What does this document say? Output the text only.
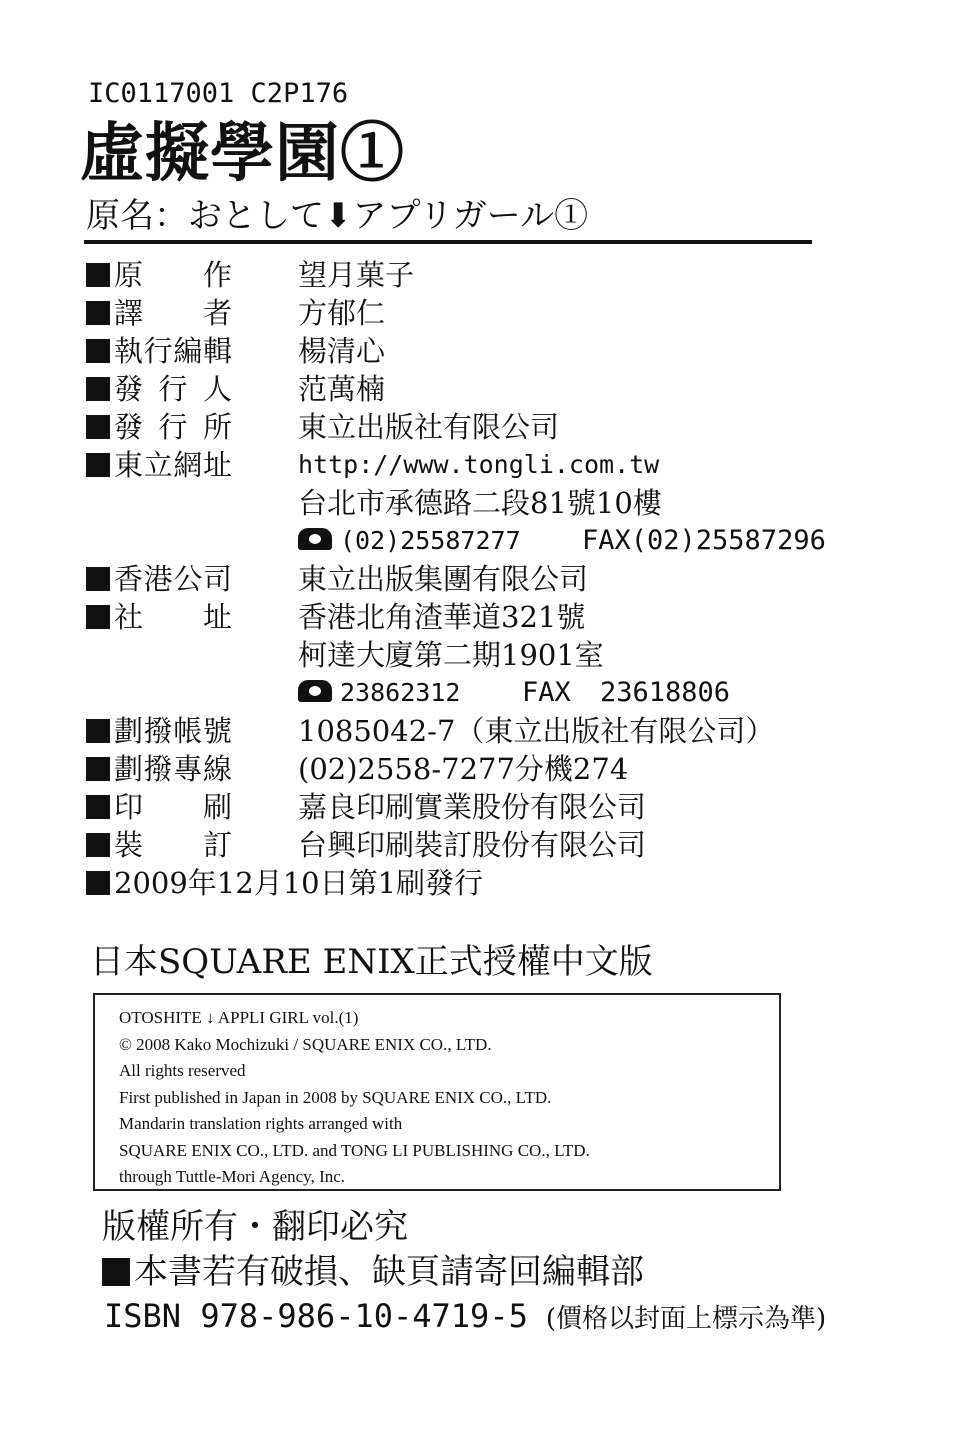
IC0117001 C2P176
虛擬學園①
原名：おとして⬇アプリガール①
原　作	望月菓子
譯　者	方郁仁
執行編輯	楊清心
發行人	范萬楠
發行所	東立出版社有限公司
東立網址	http://www.tongli.com.tw
台北市承德路二段81號10樓
(02)25587277 FAX(02)25587296
香港公司	東立出版集團有限公司
社　址	香港北角渣華道321號
柯達大廈第二期1901室
23862312 FAX 23618806
劃撥帳號	1085042-7（東立出版社有限公司）
劃撥專線	(02)2558-7277分機274
印　刷	嘉良印刷實業股份有限公司
裝　訂	台興印刷裝訂股份有限公司
2009年12月10日第1刷發行
日本SQUARE ENIX正式授權中文版
OTOSHITE ↓ APPLI GIRL vol.(1)
© 2008 Kako Mochizuki / SQUARE ENIX CO., LTD.
All rights reserved
First published in Japan in 2008 by SQUARE ENIX CO., LTD.
Mandarin translation rights arranged with
SQUARE ENIX CO., LTD. and TONG LI PUBLISHING CO., LTD.
through Tuttle-Mori Agency, Inc.
版權所有・翻印必究
本書若有破損、缺頁請寄回編輯部
ISBN 978-986-10-4719-5 (價格以封面上標示為準)
